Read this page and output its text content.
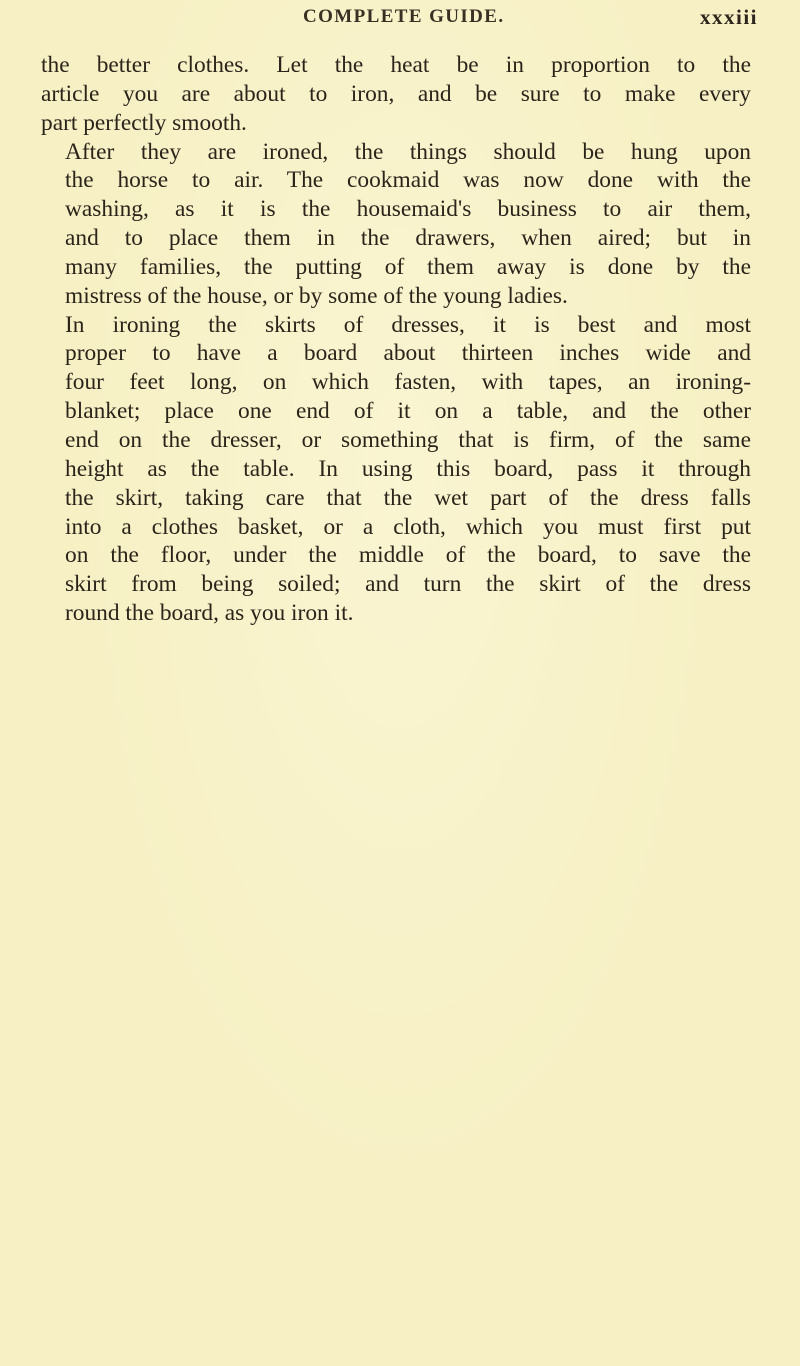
COMPLETE GUIDE.	xxxiii

the better clothes. Let the heat be in proportion to the
article you are about to iron, and be sure to make every
part perfectly smooth.

After they are ironed, the things should be hung upon
the horse to air. The cookmaid was now done with the
washing, as it is the housemaid's business to air them,
and to place them in the drawers, when aired; but in
many families, the putting of them away is done by the
mistress of the house, or by some of the young ladies.

In ironing the skirts of dresses, it is best and most
proper to have a board about thirteen inches wide and
four feet long, on which fasten, with tapes, an ironing-
blanket; place one end of it on a table, and the other
end on the dresser, or something that is firm, of the same
height as the table. In using this board, pass it through
the skirt, taking care that the wet part of the dress falls
into a clothes basket, or a cloth, which you must first put
on the floor, under the middle of the board, to save the
skirt from being soiled; and turn the skirt of the dress
round the board, as you iron it.
